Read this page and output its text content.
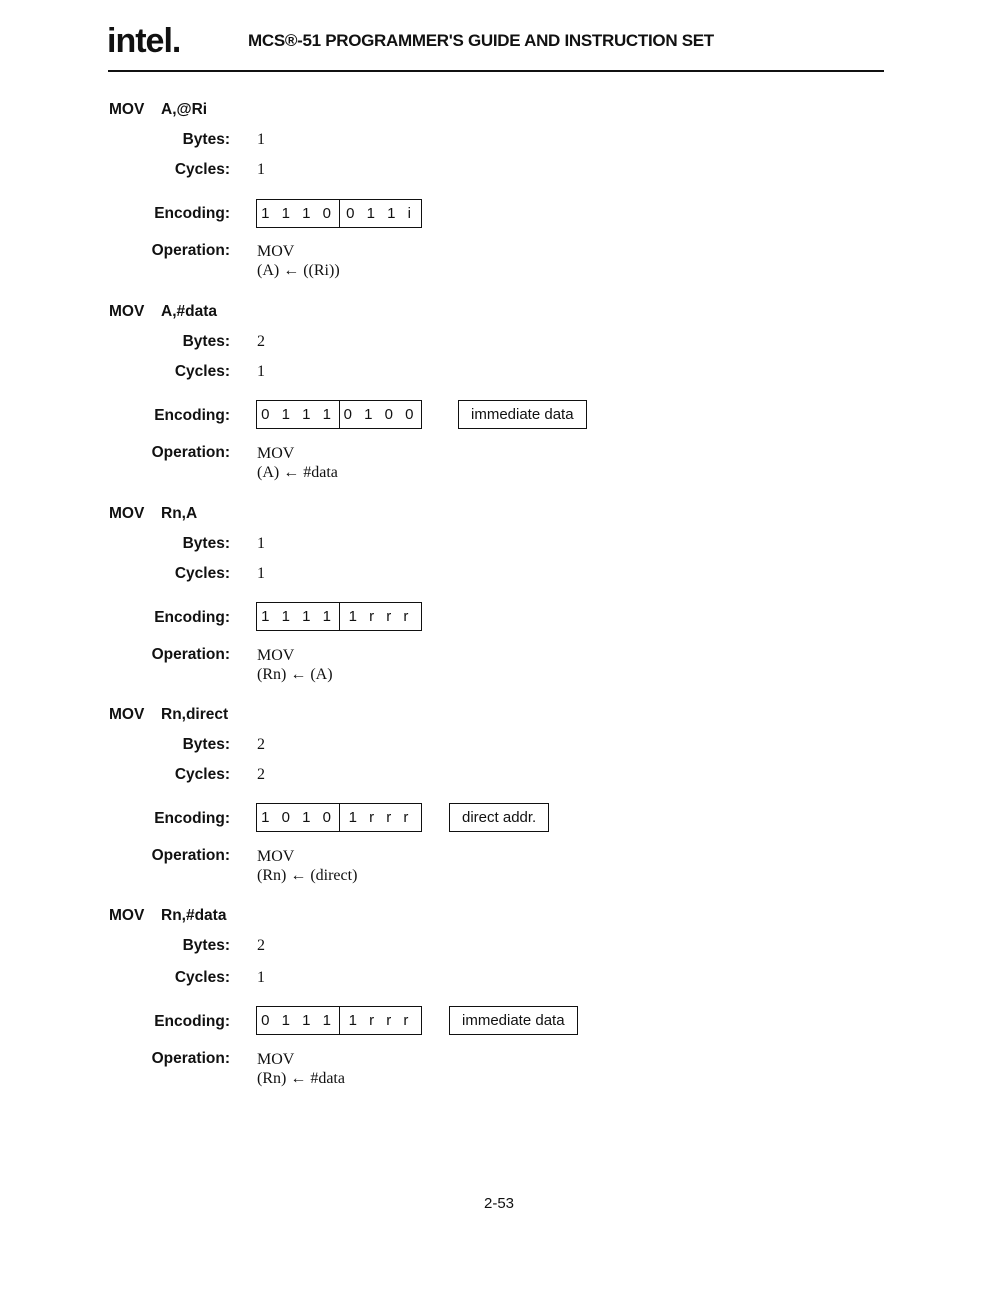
intel.	MCS®-51 PROGRAMMER'S GUIDE AND INSTRUCTION SET
MOV A,@Ri
Bytes: 1
Cycles: 1
Encoding: 1 1 1 0 0 1 1 i
Operation: MOV
(A) ← ((Ri))
MOV A,#data
Bytes: 2
Cycles: 1
Encoding: 0 1 1 1 0 1 0 0	immediate data
Operation: MOV
(A) ← #data
MOV Rn,A
Bytes: 1
Cycles: 1
Encoding: 1 1 1 1 1 r r r
Operation: MOV
(Rn) ← (A)
MOV Rn,direct
Bytes: 2
Cycles: 2
Encoding: 1 0 1 0 1 r r r	direct addr.
Operation: MOV
(Rn) ← (direct)
MOV Rn,#data
Bytes: 2
Cycles: 1
Encoding: 0 1 1 1 1 r r r	immediate data
Operation: MOV
(Rn) ← #data
2-53
